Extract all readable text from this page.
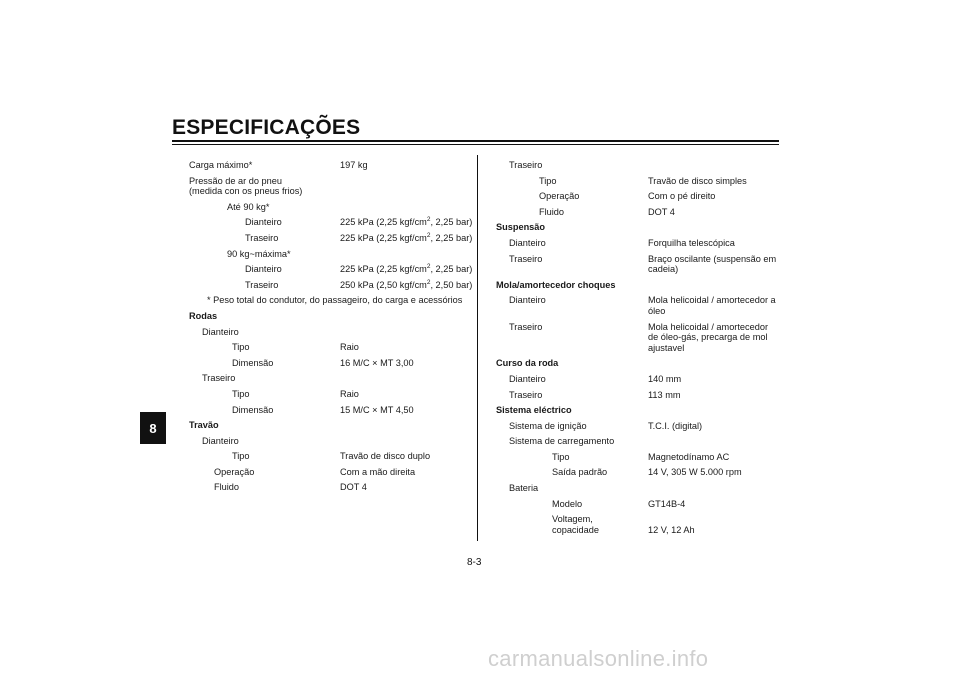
ESPECIFICAÇÕES
8
Carga máximo*	197 kg
Pressão de ar do pneu
(medida con os pneus frios)
Até 90 kg*
Dianteiro	225 kPa (2,25 kgf/$cm^2$, 2,25 bar)
Traseiro	225 kPa (2,25 kgf/$cm^2$, 2,25 bar)
90 kg~máxima*
Dianteiro	225 kPa (2,25 kgf/$cm^2$, 2,25 bar)
Traseiro	250 kPa (2,50 kgf/$cm^2$, 2,50 bar)
* Peso total do condutor, do passageiro, do carga e acessórios
Rodas
Dianteiro
Tipo	Raio
Dimensão	16 M/C × MT 3,00
Traseiro
Tipo	Raio
Dimensão	15 M/C × MT 4,50
Travão
Dianteiro
Tipo	Travão de disco duplo
Operação	Com a mão direita
Fluido	DOT 4
Traseiro
Tipo	Travão de disco simples
Operação	Com o pé direito
Fluido	DOT 4
Suspensão
Dianteiro	Forquilha telescópica
Traseiro	Braço oscilante (suspensão em
cadeia)
Mola/amortecedor choques
Dianteiro	Mola helicoidal / amortecedor a
óleo
Traseiro	Mola helicoidal / amortecedor
de óleo-gás, precarga de mol
ajustavel
Curso da roda
Dianteiro	140 mm
Traseiro	113 mm
Sistema eléctrico
Sistema de ignição	T.C.I. (digital)
Sistema de carregamento
Tipo	Magnetodínamo AC
Saída padrão	14 V, 305 W 5.000 rpm
Bateria
Modelo	GT14B-4
Voltagem,
copacidade	
12 V, 12 Ah
8-3
carmanualsonline.info
